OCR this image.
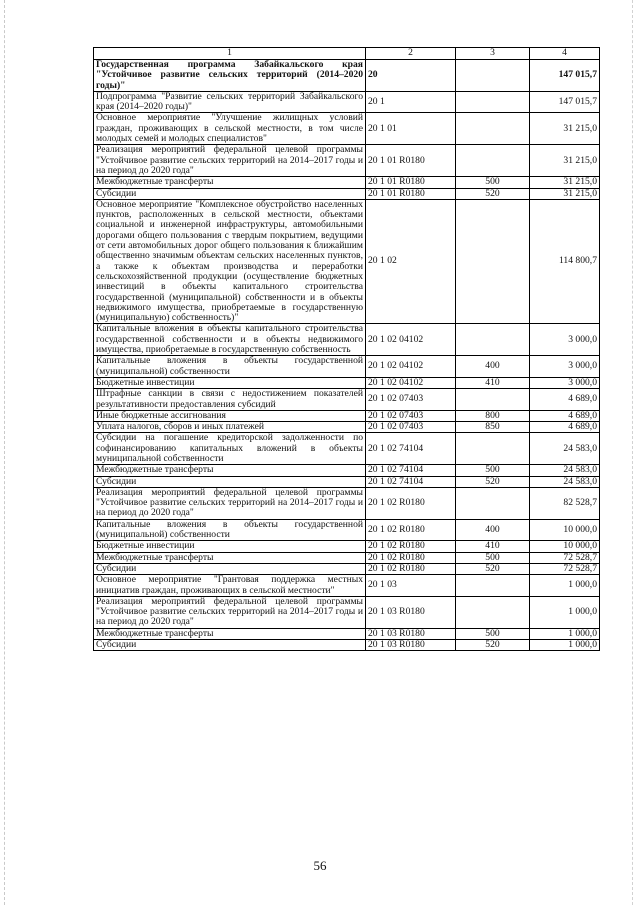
1	2	3	4
Государственная программа Забайкальского края "Устойчивое развитие сельских территорий (2014–2020 годы)"	20		147 015,7
Подпрограмма "Развитие сельских территорий Забайкальского края (2014–2020 годы)"	20 1		147 015,7
Основное мероприятие "Улучшение жилищных условий граждан, проживающих в сельской местности, в том числе молодых семей и молодых специалистов"	20 1 01		31 215,0
Реализация мероприятий федеральной целевой программы "Устойчивое развитие сельских территорий на 2014–2017 годы и на период до 2020 года"	20 1 01 R0180		31 215,0
Межбюджетные трансферты	20 1 01 R0180	500	31 215,0
Субсидии	20 1 01 R0180	520	31 215,0
Основное мероприятие "Комплексное обустройство населенных пунктов, расположенных в сельской местности, объектами социальной и инженерной инфраструктуры, автомобильными дорогами общего пользования с твердым покрытием, ведущими от сети автомобильных дорог общего пользования к ближайшим общественно значимым объектам сельских населенных пунктов, а также к объектам производства и переработки сельскохозяйственной продукции (осуществление бюджетных инвестиций в объекты капитального строительства государственной (муниципальной) собственности и в объекты недвижимого имущества, приобретаемые в государственную (муниципальную) собственность)"	20 1 02		114 800,7
Капитальные вложения в объекты капитального строительства государственной собственности и в объекты недвижимого имущества, приобретаемые в государственную собственность	20 1 02 04102		3 000,0
Капитальные вложения в объекты государственной (муниципальной) собственности	20 1 02 04102	400	3 000,0
Бюджетные инвестиции	20 1 02 04102	410	3 000,0
Штрафные санкции в связи с недостижением показателей результативности предоставления субсидий	20 1 02 07403		4 689,0
Иные бюджетные ассигнования	20 1 02 07403	800	4 689,0
Уплата налогов, сборов и иных платежей	20 1 02 07403	850	4 689,0
Субсидии на погашение кредиторской задолженности по софинансированию капитальных вложений в объекты муниципальной собственности	20 1 02 74104		24 583,0
Межбюджетные трансферты	20 1 02 74104	500	24 583,0
Субсидии	20 1 02 74104	520	24 583,0
Реализация мероприятий федеральной целевой программы "Устойчивое развитие сельских территорий на 2014–2017 годы и на период до 2020 года"	20 1 02 R0180		82 528,7
Капитальные вложения в объекты государственной (муниципальной) собственности	20 1 02 R0180	400	10 000,0
Бюджетные инвестиции	20 1 02 R0180	410	10 000,0
Межбюджетные трансферты	20 1 02 R0180	500	72 528,7
Субсидии	20 1 02 R0180	520	72 528,7
Основное мероприятие "Грантовая поддержка местных инициатив граждан, проживающих в сельской местности"	20 1 03		1 000,0
Реализация мероприятий федеральной целевой программы "Устойчивое развитие сельских территорий на 2014–2017 годы и на период до 2020 года"	20 1 03 R0180		1 000,0
Межбюджетные трансферты	20 1 03 R0180	500	1 000,0
Субсидии	20 1 03 R0180	520	1 000,0
56
